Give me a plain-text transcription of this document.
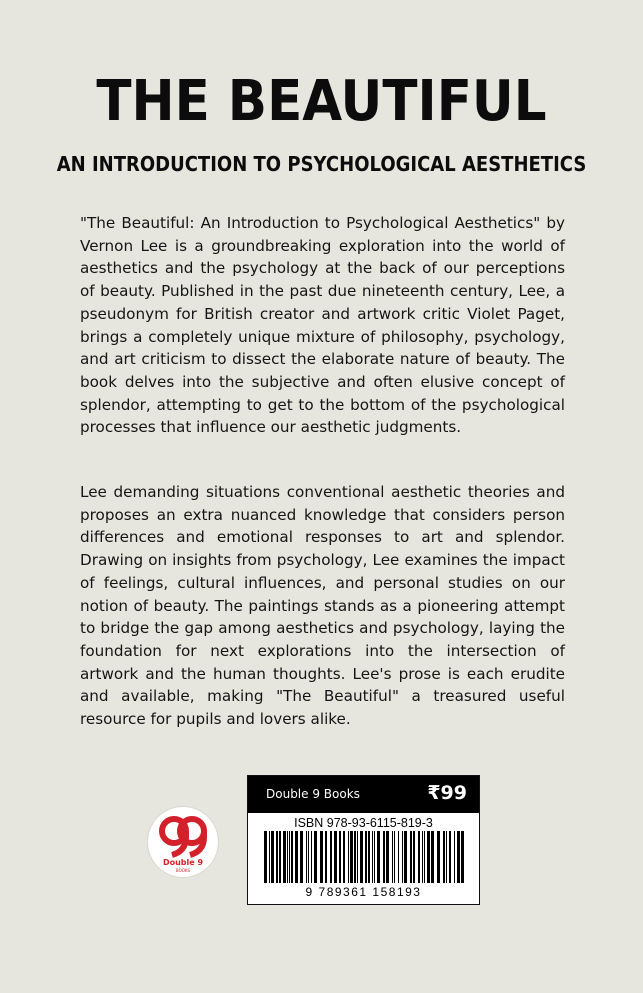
THE BEAUTIFUL
AN INTRODUCTION TO PSYCHOLOGICAL AESTHETICS

"The Beautiful: An Introduction to Psychological Aesthetics" by Vernon Lee is a groundbreaking exploration into the world of aesthetics and the psychology at the back of our perceptions of beauty. Published in the past due nineteenth century, Lee, a pseudonym for British creator and artwork critic Violet Paget, brings a completely unique mixture of philosophy, psychology, and art criticism to dissect the elaborate nature of beauty. The book delves into the subjective and often elusive concept of splendor, attempting to get to the bottom of the psychological processes that influence our aesthetic judgments.

Lee demanding situations conventional aesthetic theories and proposes an extra nuanced knowledge that considers person differences and emotional responses to art and splendor. Drawing on insights from psychology, Lee examines the impact of feelings, cultural influences, and personal studies on our notion of beauty. The paintings stands as a pioneering attempt to bridge the gap among aesthetics and psychology, laying the foundation for next explorations into the intersection of artwork and the human thoughts. Lee's prose is each erudite and available, making "The Beautiful" a treasured useful resource for pupils and lovers alike.

Double 9
BOOKS
Double 9 Books	₹99
ISBN 978-93-6115-819-3
9 789361 158193
